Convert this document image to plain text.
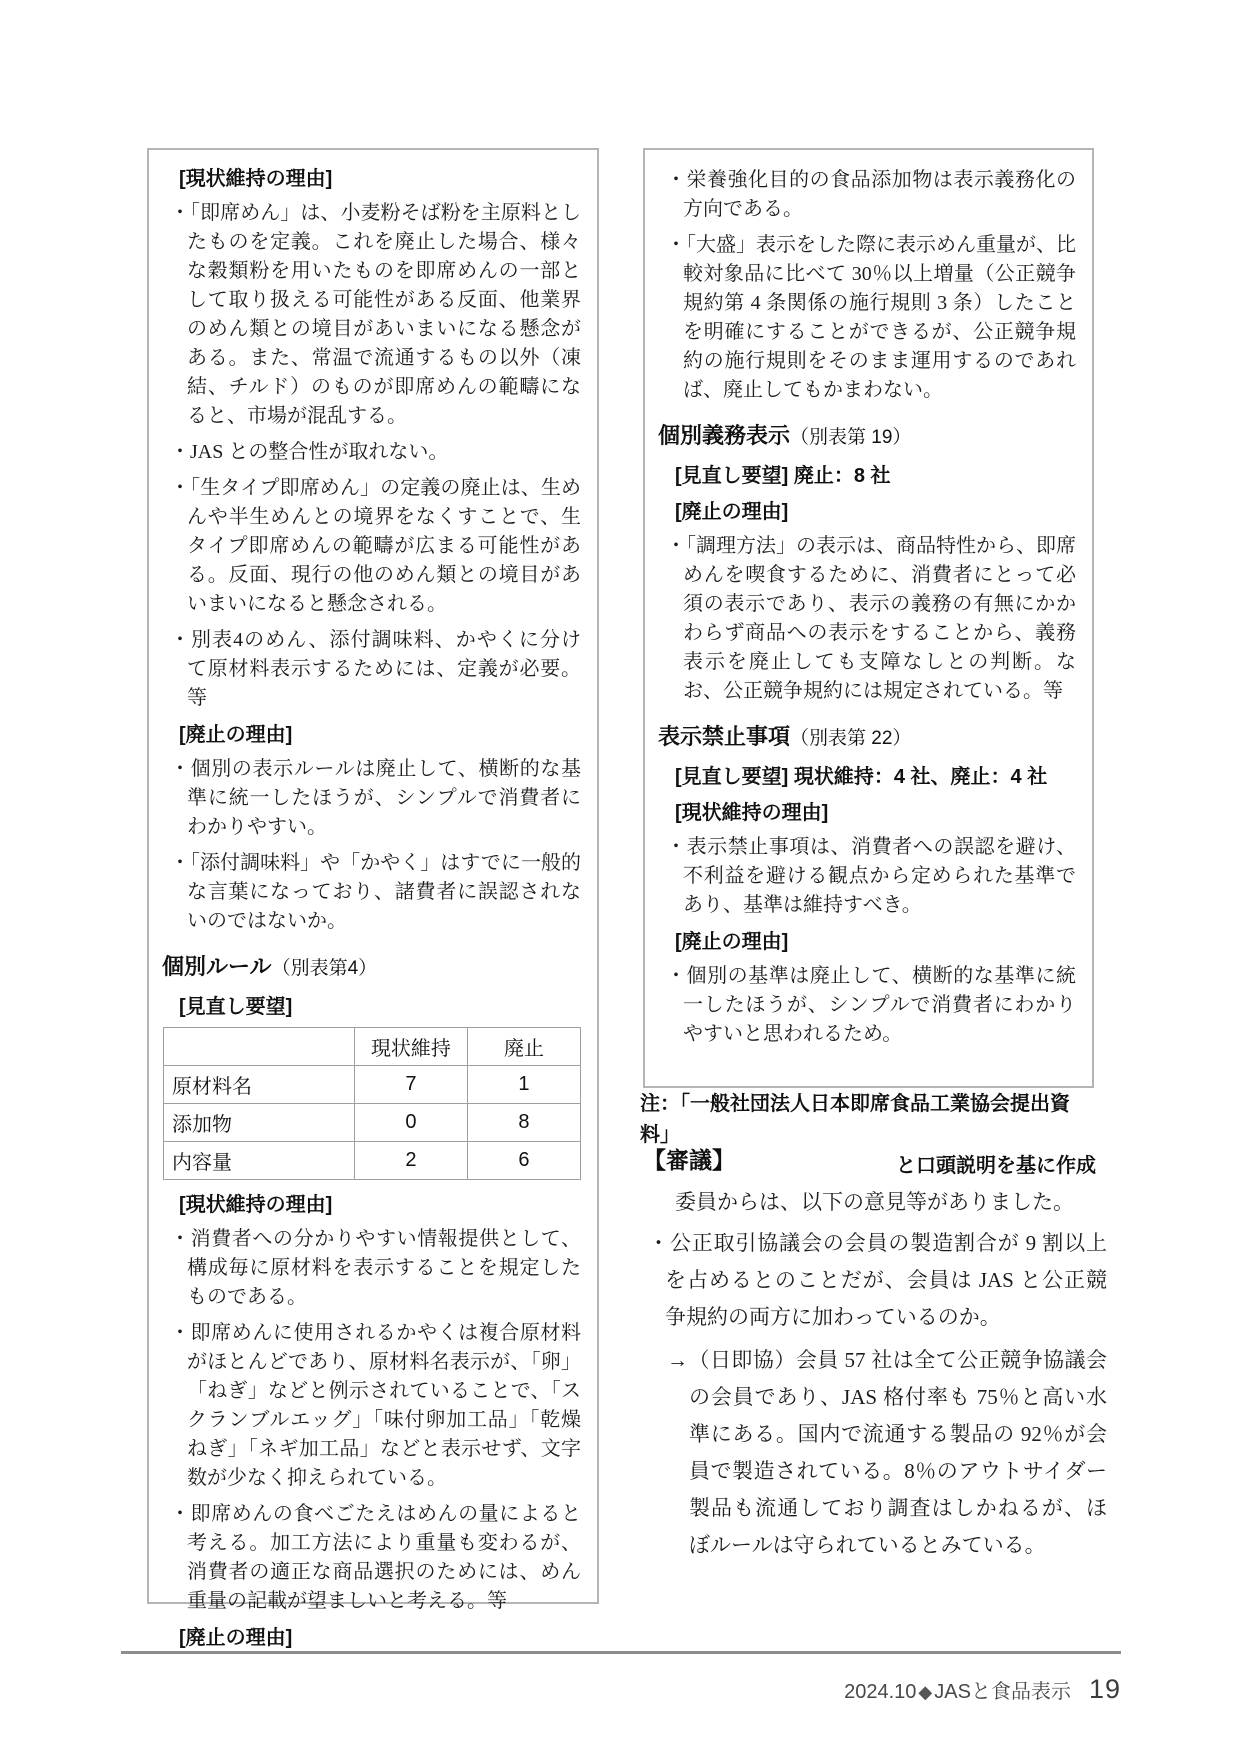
[現状維持の理由]
・「即席めん」は、小麦粉そば粉を主原料としたものを定義。これを廃止した場合、様々な穀類粉を用いたものを即席めんの一部として取り扱える可能性がある反面、他業界のめん類との境目があいまいになる懸念がある。また、常温で流通するもの以外（凍結、チルド）のものが即席めんの範疇になると、市場が混乱する。
・JAS との整合性が取れない。
・「生タイプ即席めん」の定義の廃止は、生めんや半生めんとの境界をなくすことで、生タイプ即席めんの範疇が広まる可能性がある。反面、現行の他のめん類との境目があいまいになると懸念される。
・別表4のめん、添付調味料、かやくに分けて原材料表示するためには、定義が必要。等
[廃止の理由]
・個別の表示ルールは廃止して、横断的な基準に統一したほうが、シンプルで消費者にわかりやすい。
・「添付調味料」や「かやく」はすでに一般的な言葉になっており、諸費者に誤認されないのではないか。
個別ルール（別表第4）
[見直し要望]
	現状維持	廃止
原材料名	7	1
添加物	0	8
内容量	2	6
[現状維持の理由]
・消費者への分かりやすい情報提供として、構成毎に原材料を表示することを規定したものである。
・即席めんに使用されるかやくは複合原材料がほとんどであり、原材料名表示が、「卵」「ねぎ」などと例示されていることで、「スクランブルエッグ」「味付卵加工品」「乾燥ねぎ」「ネギ加工品」などと表示せず、文字数が少なく抑えられている。
・即席めんの食べごたえはめんの量によると考える。加工方法により重量も変わるが、消費者の適正な商品選択のためには、めん重量の記載が望ましいと考える。等
[廃止の理由]
・栄養強化目的の食品添加物は表示義務化の方向である。
・「大盛」表示をした際に表示めん重量が、比較対象品に比べて 30％以上増量（公正競争規約第 4 条関係の施行規則 3 条）したことを明確にすることができるが、公正競争規約の施行規則をそのまま運用するのであれば、廃止してもかまわない。
個別義務表示（別表第 19）
[見直し要望] 廃止：8 社
[廃止の理由]
・「調理方法」の表示は、商品特性から、即席めんを喫食するために、消費者にとって必須の表示であり、表示の義務の有無にかかわらず商品への表示をすることから、義務表示を廃止しても支障なしとの判断。なお、公正競争規約には規定されている。等
表示禁止事項（別表第 22）
[見直し要望] 現状維持：4 社、廃止：4 社
[現状維持の理由]
・表示禁止事項は、消費者への誤認を避け、不利益を避ける観点から定められた基準であり、基準は維持すべき。
[廃止の理由]
・個別の基準は廃止して、横断的な基準に統一したほうが、シンプルで消費者にわかりやすいと思われるため。
注：「一般社団法人日本即席食品工業協会提出資料」
と口頭説明を基に作成
【審議】
委員からは、以下の意見等がありました。
・公正取引協議会の会員の製造割合が 9 割以上を占めるとのことだが、会員は JAS と公正競争規約の両方に加わっているのか。
→（日即協）会員 57 社は全て公正競争協議会の会員であり、JAS 格付率も 75％と高い水準にある。国内で流通する製品の 92％が会員で製造されている。8％のアウトサイダー製品も流通しており調査はしかねるが、ほぼルールは守られているとみている。
2024.10 ◆ JASと食品表示 19
